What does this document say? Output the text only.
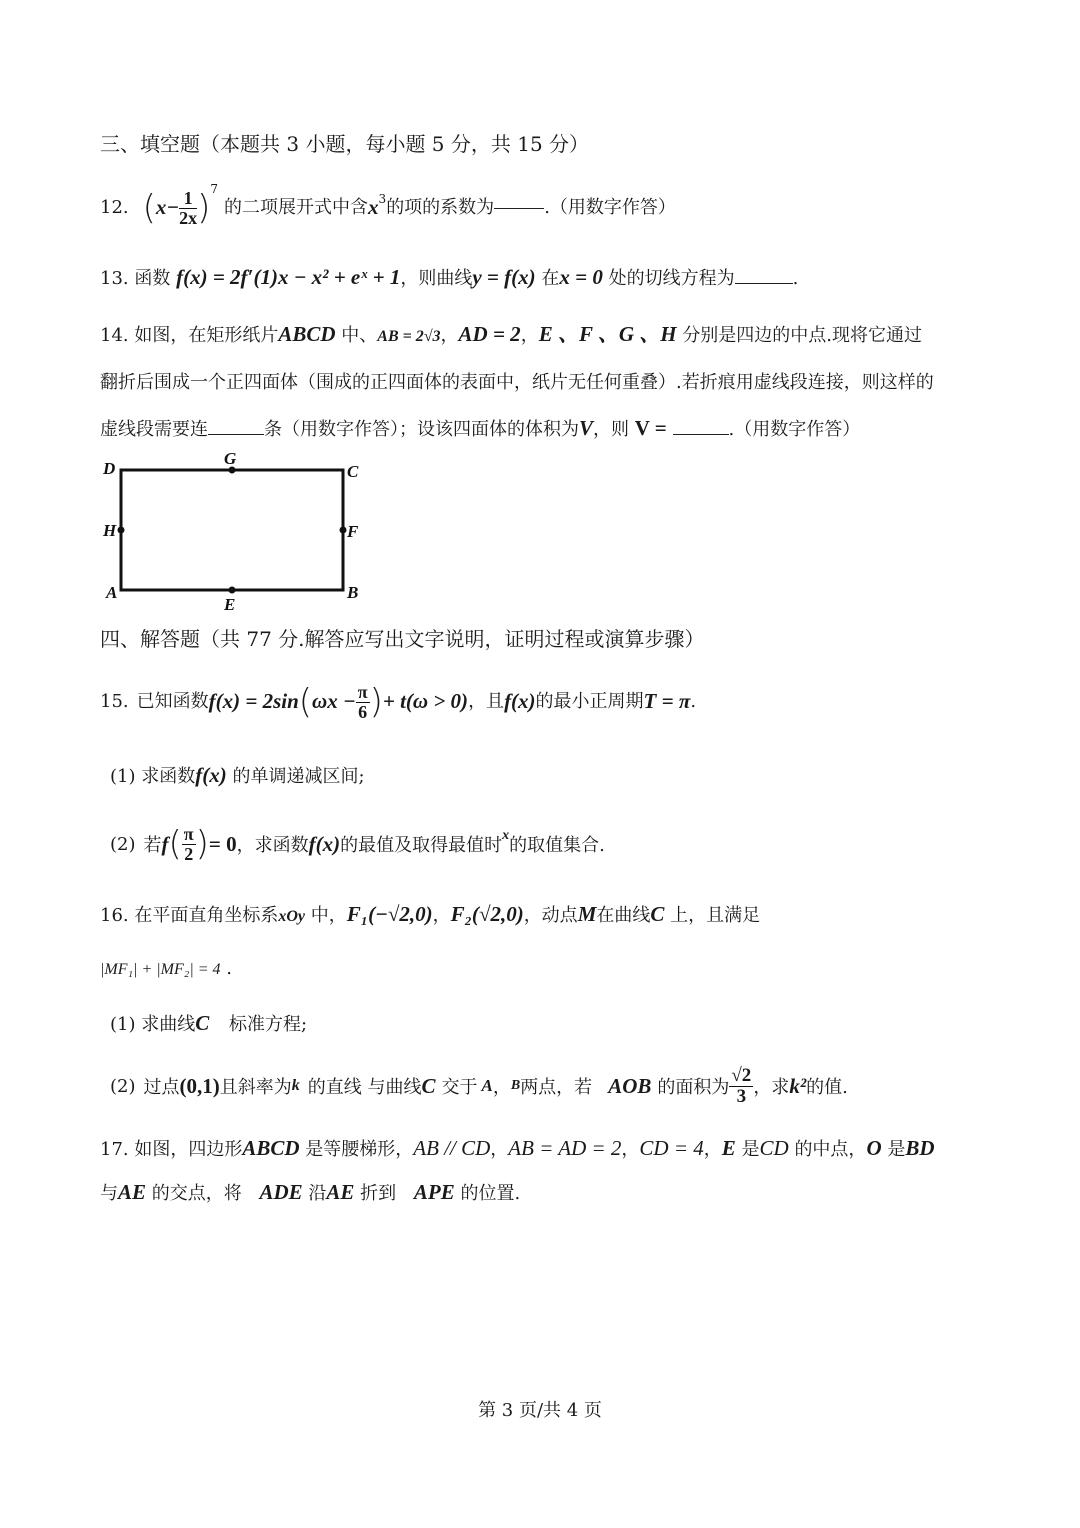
三、填空题（本题共 3 小题，每小题 5 分，共 15 分）
12. ( $x- \frac{1}{2x}$ ) 7
的二项展开式中含 x 3 的项的系数为	.（用数字作答）
13. 函数 f(x) = 2f′(1)x − x² + eˣ + 1，则曲线y = f(x) 在x = 0 处的切线方程为	.
14. 如图，在矩形纸片ABCD 中、AB = 2√3，AD = 2，E 、F 、G 、H 分别是四边的中点.现将它通过
翻折后围成一个正四面体（围成的正四面体的表面中，纸片无任何重叠）.若折痕用虚线段连接，则这样的
虚线段需要连	条（用数字作答）；设该四面体的体积为V，则 V =	.（用数字作答）
D
G
C
H	F
A
E
B
四、解答题（共 77 分.解答应写出文字说明，证明过程或演算步骤）
15. 已知函数 f(x) = 2sin ( $\omega x - \frac{\pi}{6}$ ) + t(ω > 0) ，且 f(x) 的最小正周期 T = π .
(1) 求函数f(x) 的单调递减区间;
(2) 若 f ( $\frac{\pi}{2}$ ) = 0 ，求函数 f(x) 的最值及取得最值时 x 的取值集合.
16. 在平面直角坐标系xOy 中，F₁(−√2,0)，F₂(√2,0)，动点M在曲线C 上，且满足
|MF₁| + |MF₂| = 4 .
(1) 求曲线C 标准方程;
(2) 过点 (0,1) 且斜率为 k 的直线 与曲线 C 交于 A ， B 两点，若 AOB 的面积为 $\frac{√2}{3}$ ，求 k² 的值.
17. 如图，四边形ABCD 是等腰梯形，AB // CD，AB = AD = 2，CD = 4，E 是CD 的中点，O 是BD
与AE 的交点，将 ADE 沿AE 折到 APE 的位置.
第 3 页/共 4 页
